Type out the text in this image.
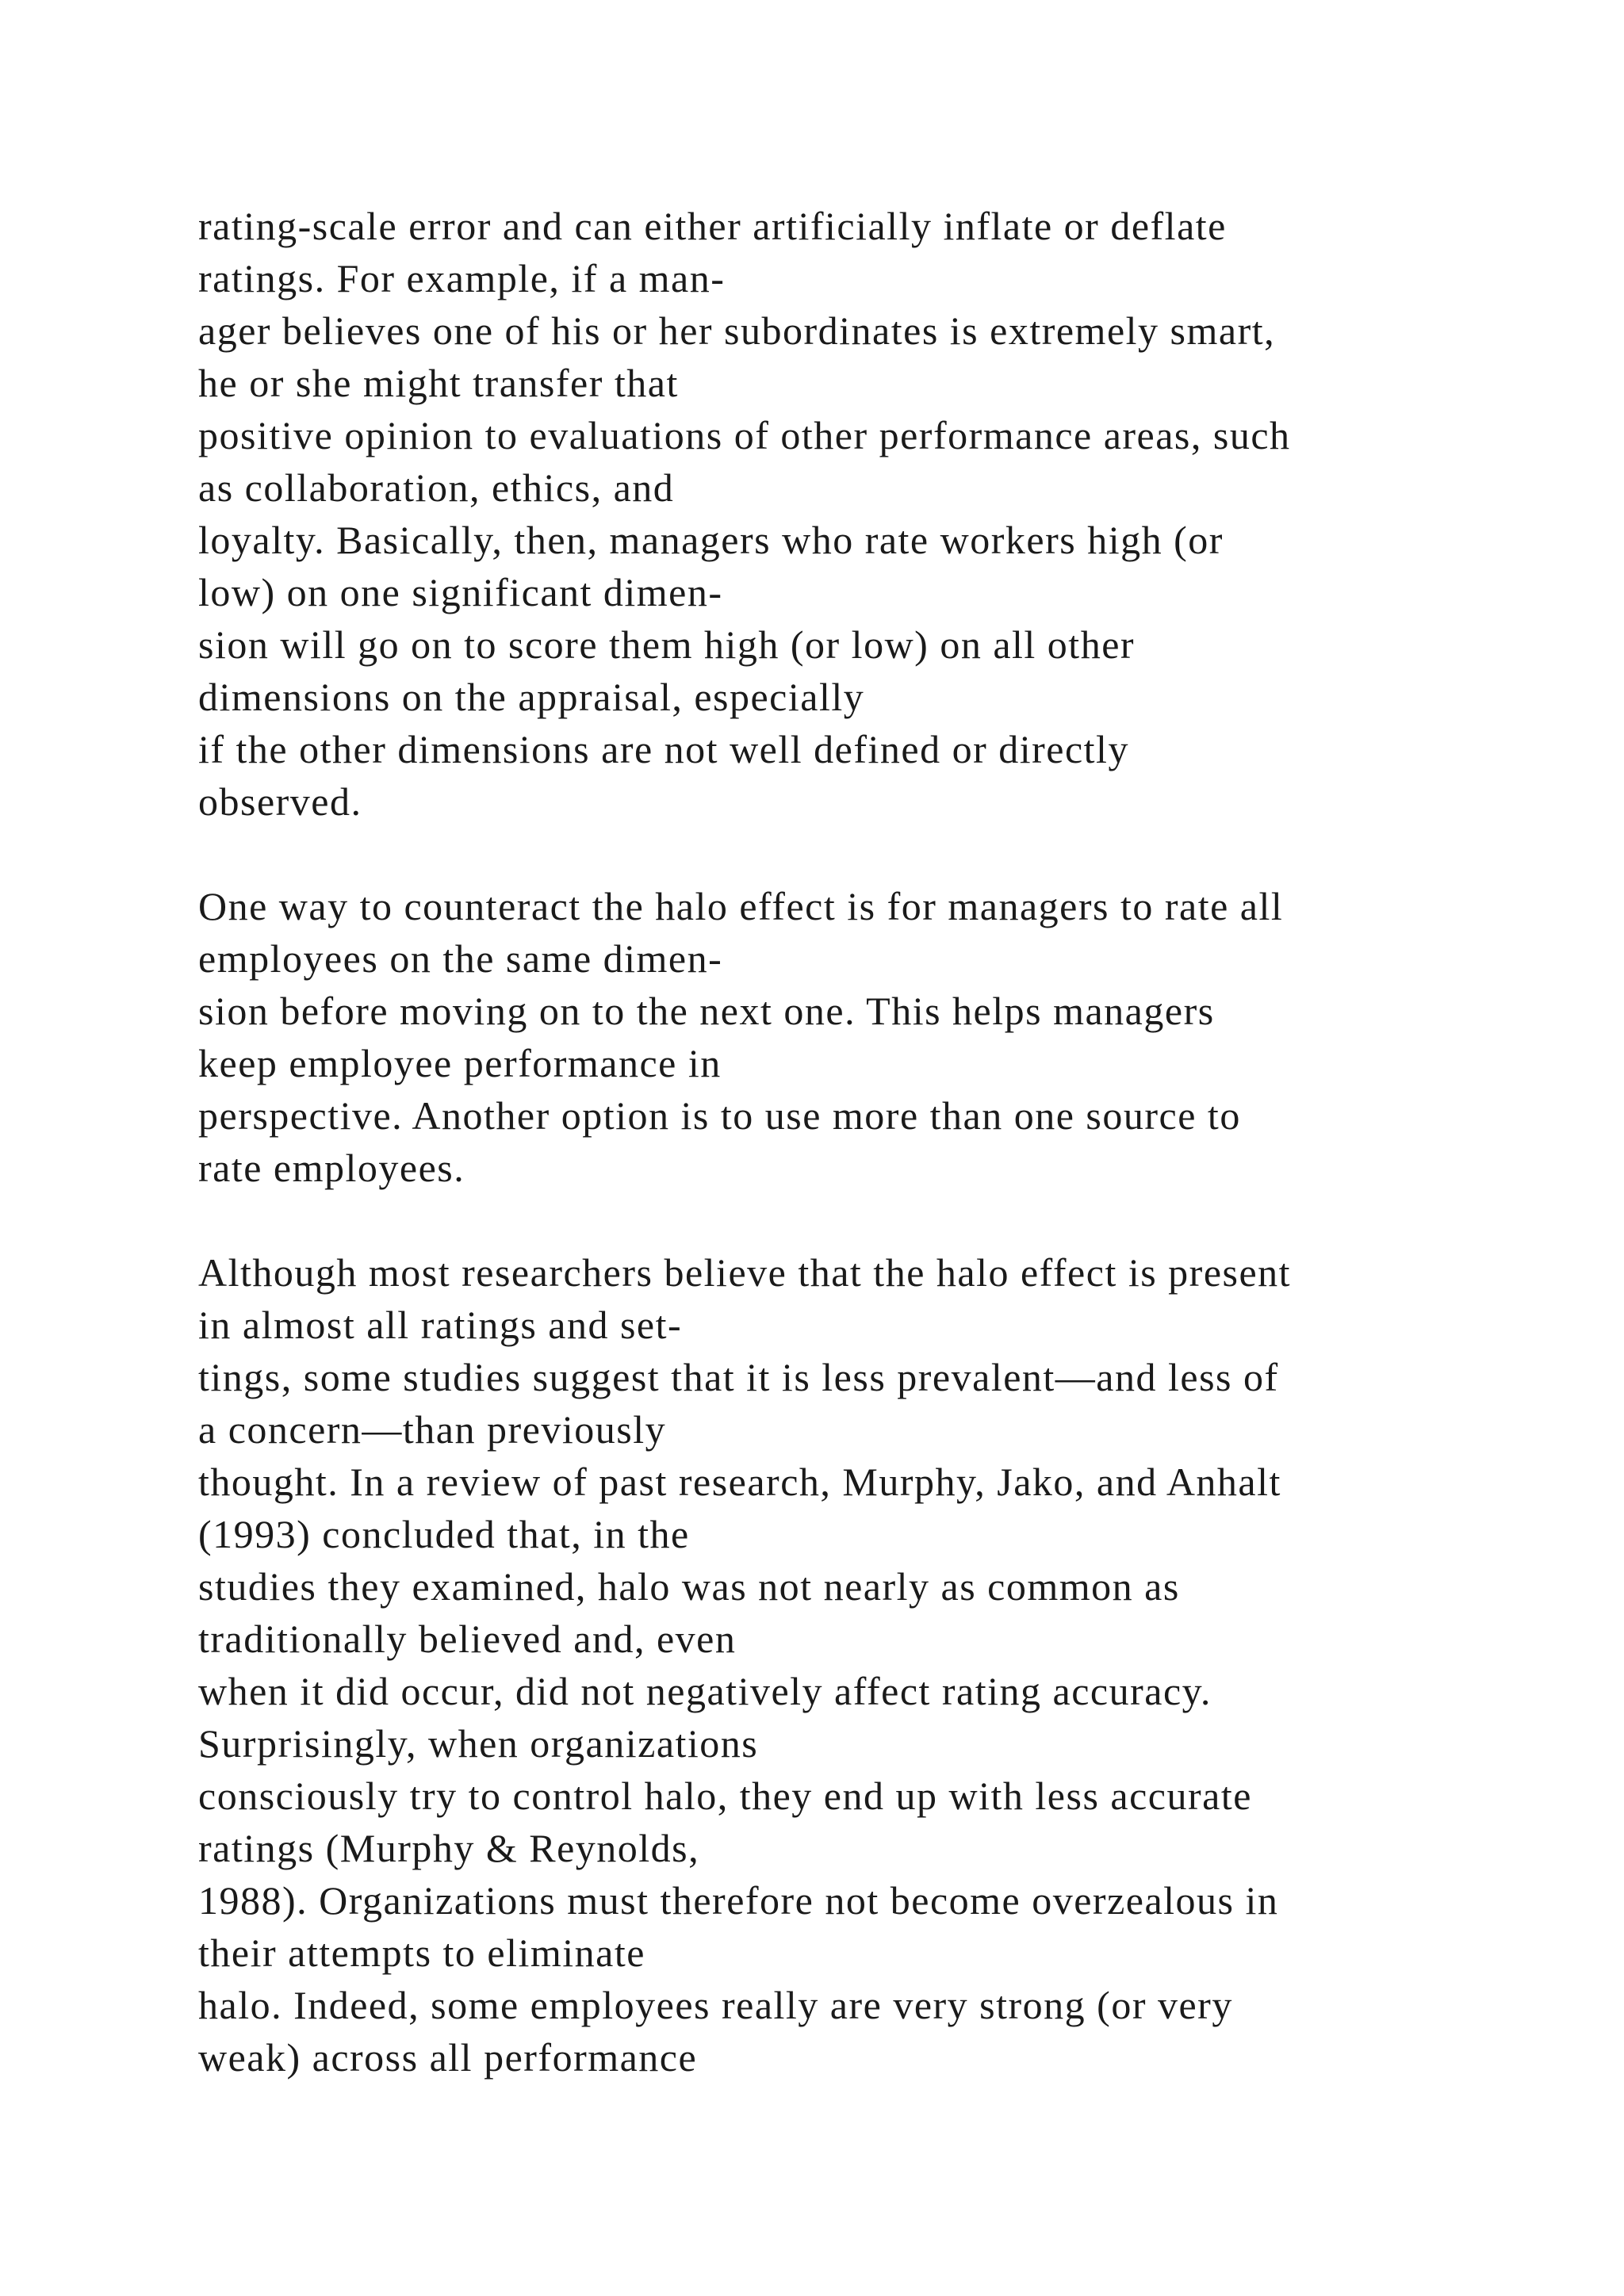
rating-scale error and can either artificially inflate or deflate
ratings. For example, if a man-
ager believes one of his or her subordinates is extremely smart,
he or she might transfer that
positive opinion to evaluations of other performance areas, such
as collaboration, ethics, and
loyalty. Basically, then, managers who rate workers high (or
low) on one significant dimen-
sion will go on to score them high (or low) on all other
dimensions on the appraisal, especially
if the other dimensions are not well defined or directly
observed.
One way to counteract the halo effect is for managers to rate all
employees on the same dimen-
sion before moving on to the next one. This helps managers
keep employee performance in
perspective. Another option is to use more than one source to
rate employees.
Although most researchers believe that the halo effect is present
in almost all ratings and set-
tings, some studies suggest that it is less prevalent—and less of
a concern—than previously
thought. In a review of past research, Murphy, Jako, and Anhalt
(1993) concluded that, in the
studies they examined, halo was not nearly as common as
traditionally believed and, even
when it did occur, did not negatively affect rating accuracy.
Surprisingly, when organizations
consciously try to control halo, they end up with less accurate
ratings (Murphy & Reynolds,
1988). Organizations must therefore not become overzealous in
their attempts to eliminate
halo. Indeed, some employees really are very strong (or very
weak) across all performance
